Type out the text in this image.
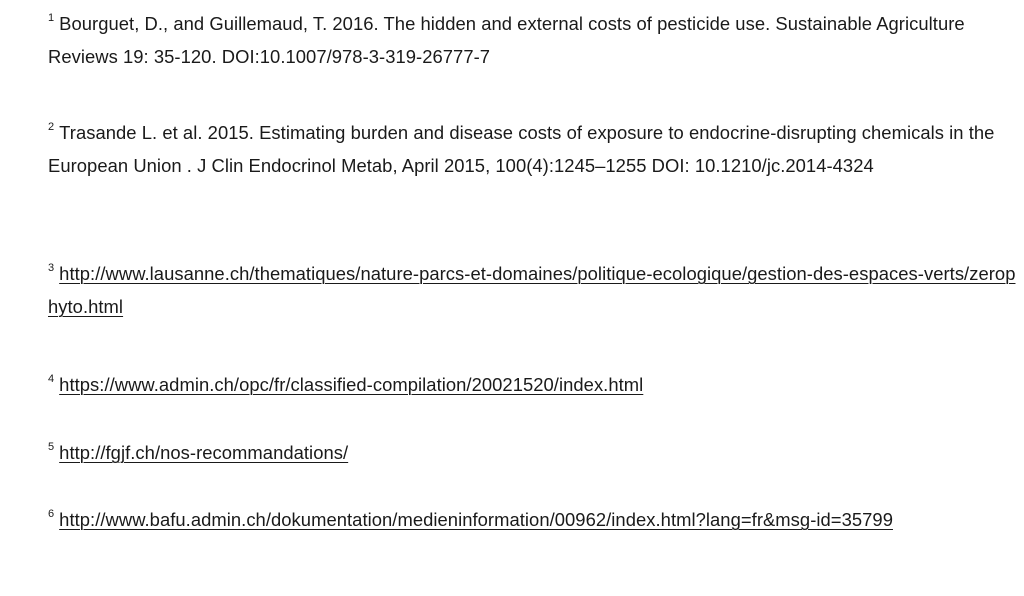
$^1$ Bourguet, D., and Guillemaud, T. 2016. The hidden and external costs of pesticide use. Sustainable Agriculture Reviews 19: 35-120. DOI:10.1007/978-3-319-26777-7
$^2$ Trasande L. et al. 2015. Estimating burden and disease costs of exposure to endocrine-disrupting chemicals in the European Union . J Clin Endocrinol Metab, April 2015, 100(4):1245–1255 DOI: 10.1210/jc.2014-4324
$^3$ http://www.lausanne.ch/thematiques/nature-parcs-et-domaines/politique-ecologique/gestion-des-espaces-verts/zerophyto.html
$^4$ https://www.admin.ch/opc/fr/classified-compilation/20021520/index.html
$^5$ http://fgjf.ch/nos-recommandations/
$^6$ http://www.bafu.admin.ch/dokumentation/medieninformation/00962/index.html?lang=fr&msg-id=35799
